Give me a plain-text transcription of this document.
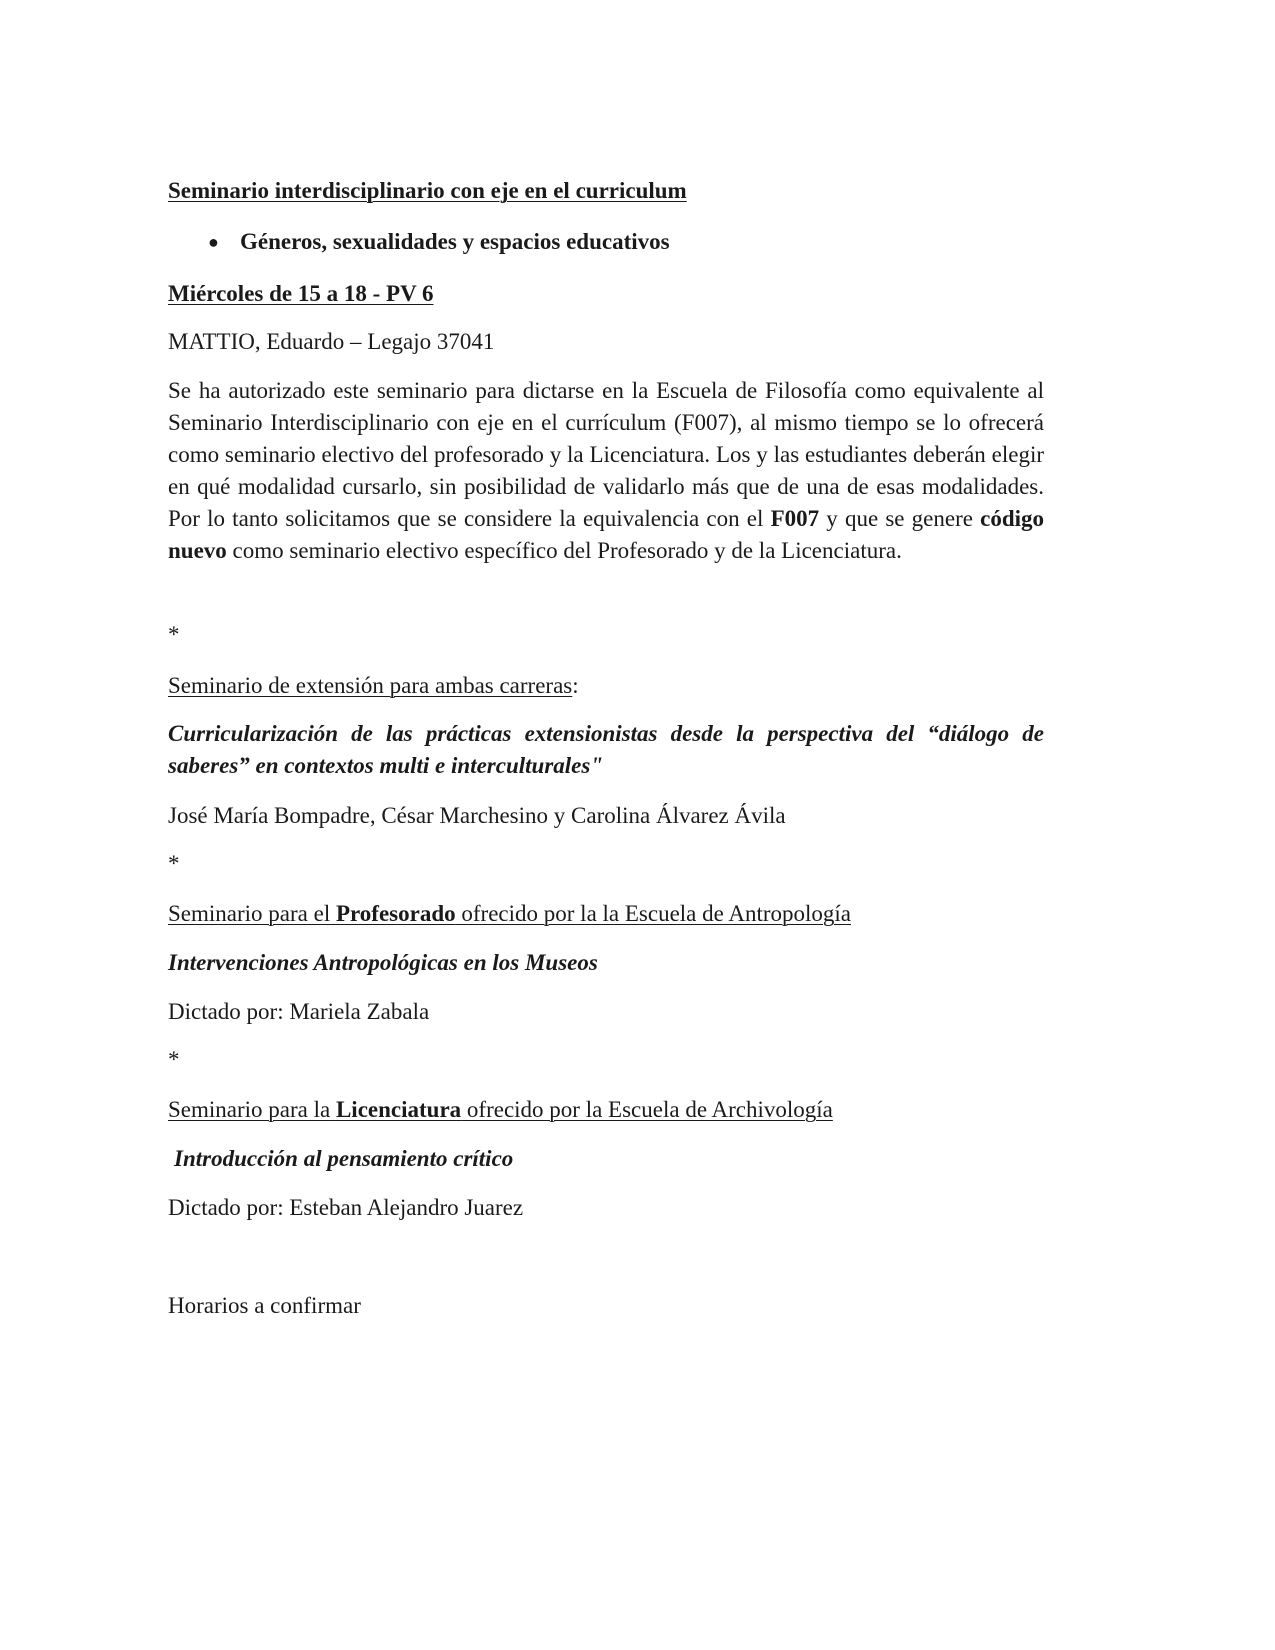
Seminario interdisciplinario con eje en el curriculum

● Géneros, sexualidades y espacios educativos

Miércoles de 15 a 18 - PV 6

MATTIO, Eduardo – Legajo 37041

Se ha autorizado este seminario para dictarse en la Escuela de Filosofía como equivalente al Seminario Interdisciplinario con eje en el currículum (F007), al mismo tiempo se lo ofrecerá como seminario electivo del profesorado y la Licenciatura. Los y las estudiantes deberán elegir en qué modalidad cursarlo, sin posibilidad de validarlo más que de una de esas modalidades. Por lo tanto solicitamos que se considere la equivalencia con el F007 y que se genere código nuevo como seminario electivo específico del Profesorado y de la Licenciatura.

*

Seminario de extensión para ambas carreras:

Curricularización de las prácticas extensionistas desde la perspectiva del “diálogo de saberes” en contextos multi e interculturales"

José María Bompadre, César Marchesino y Carolina Álvarez Ávila

*

Seminario para el Profesorado ofrecido por la la Escuela de Antropología

Intervenciones Antropológicas en los Museos

Dictado por: Mariela Zabala

*

Seminario para la Licenciatura ofrecido por la Escuela de Archivología

Introducción al pensamiento crítico

Dictado por: Esteban Alejandro Juarez

Horarios a confirmar
